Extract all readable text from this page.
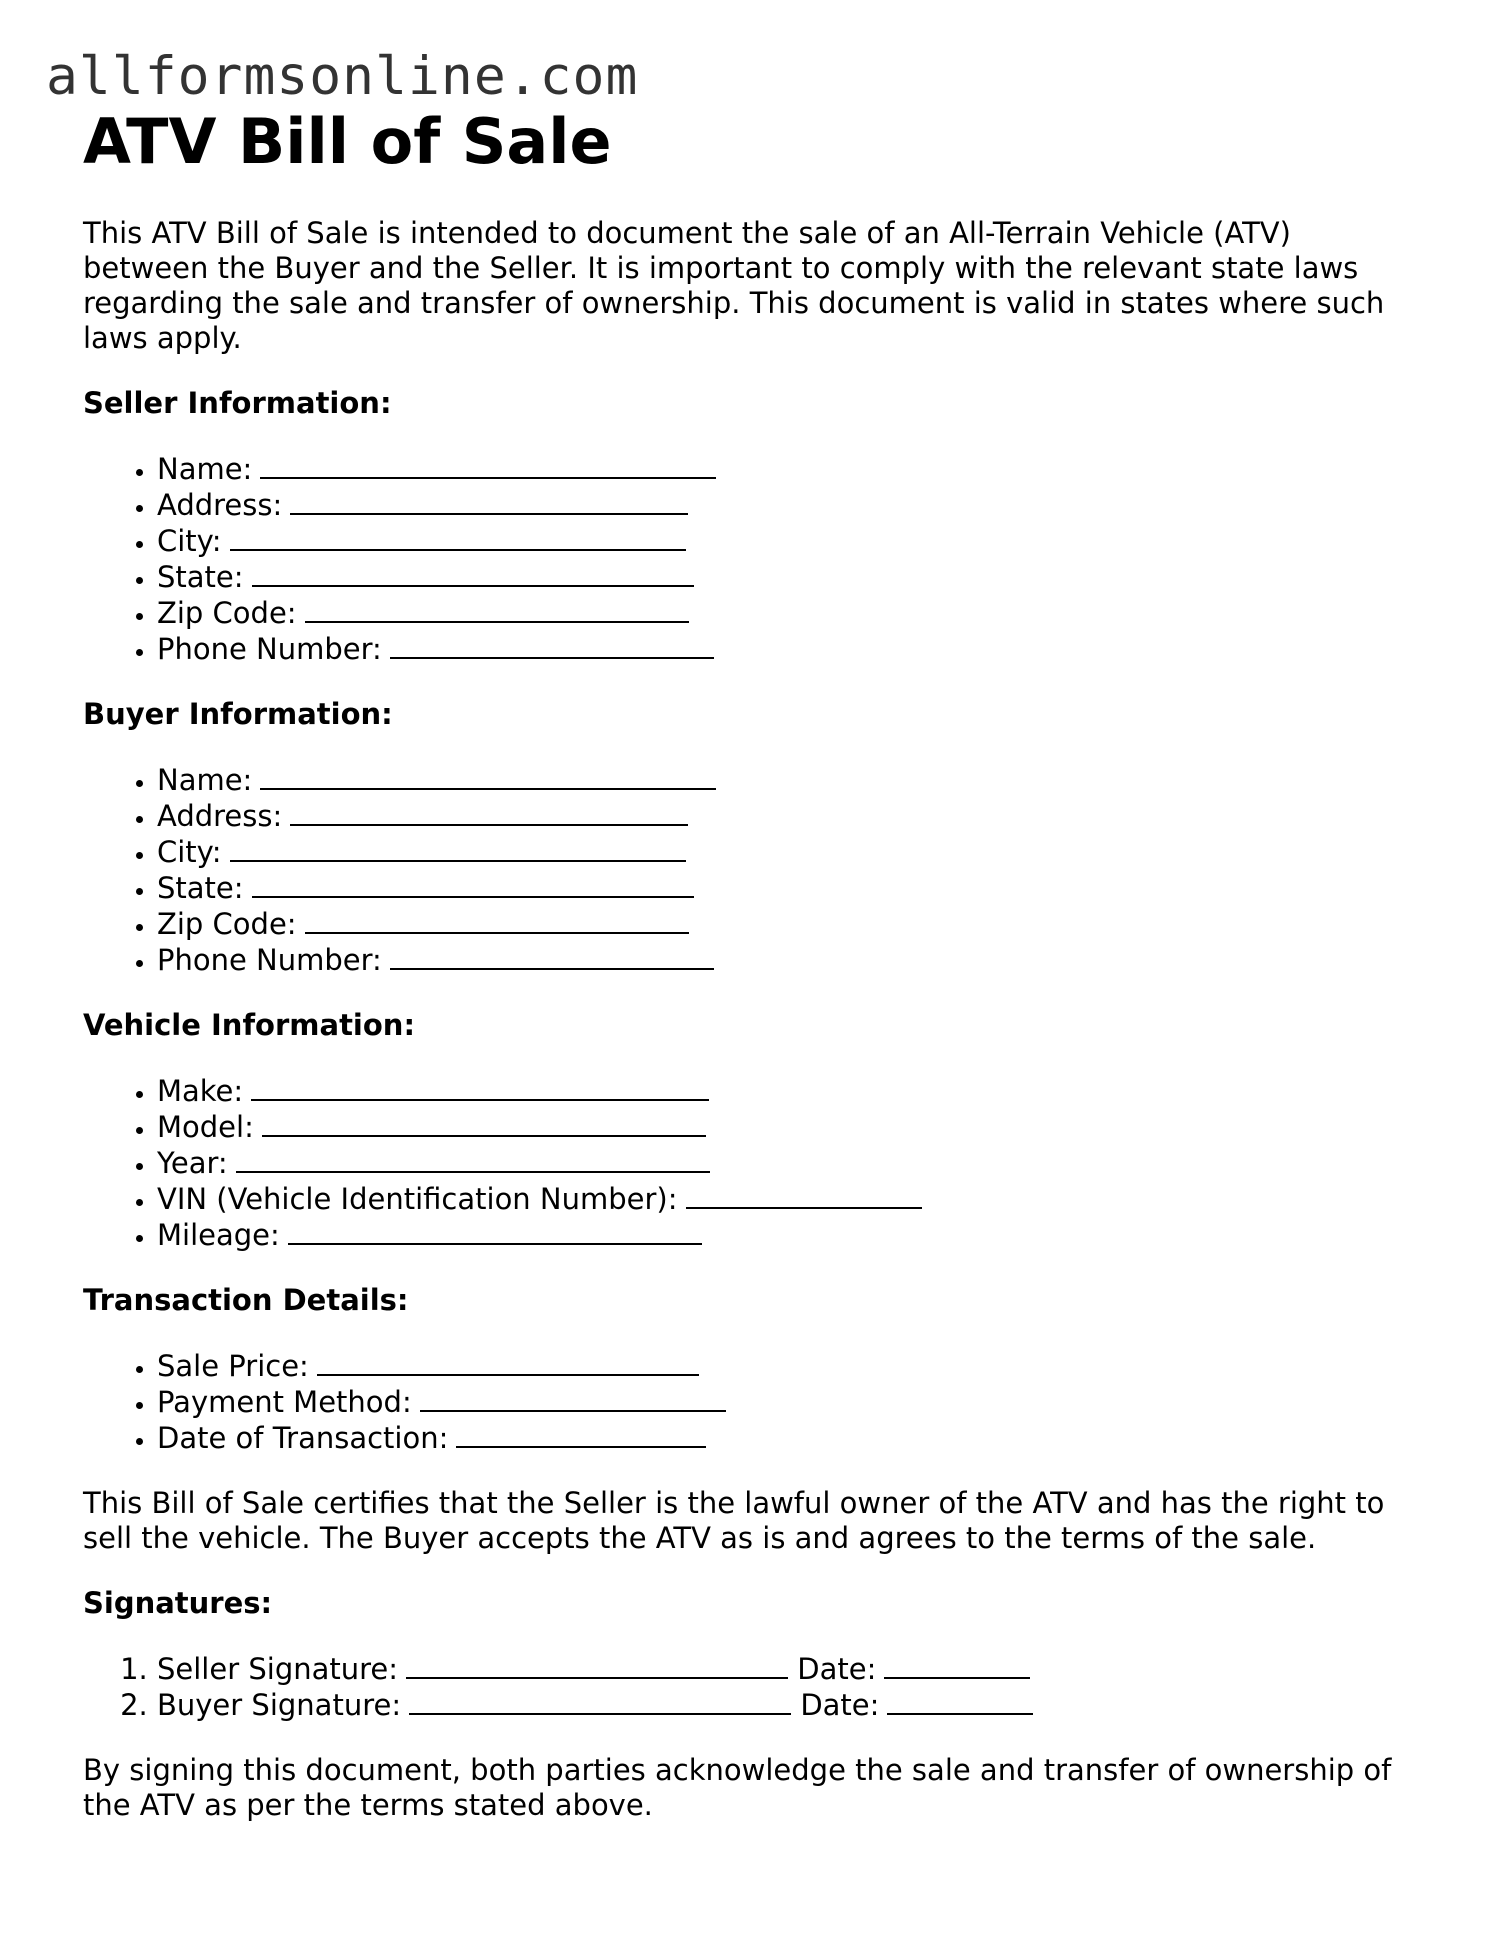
allformsonline.com
ATV Bill of Sale

This ATV Bill of Sale is intended to document the sale of an All-Terrain Vehicle (ATV) between the Buyer and the Seller. It is important to comply with the relevant state laws regarding the sale and transfer of ownership. This document is valid in states where such laws apply.

Seller Information:
• Name:
• Address:
• City:
• State:
• Zip Code:
• Phone Number:
Buyer Information:
• Name:
• Address:
• City:
• State:
• Zip Code:
• Phone Number:
Vehicle Information:
• Make:
• Model:
• Year:
• VIN (Vehicle Identification Number):
• Mileage:
Transaction Details:
• Sale Price:
• Payment Method:
• Date of Transaction:

This Bill of Sale certifies that the Seller is the lawful owner of the ATV and has the right to sell the vehicle. The Buyer accepts the ATV as is and agrees to the terms of the sale.

Signatures:
1. Seller Signature:	Date:
2. Buyer Signature:	Date:

By signing this document, both parties acknowledge the sale and transfer of ownership of the ATV as per the terms stated above.
